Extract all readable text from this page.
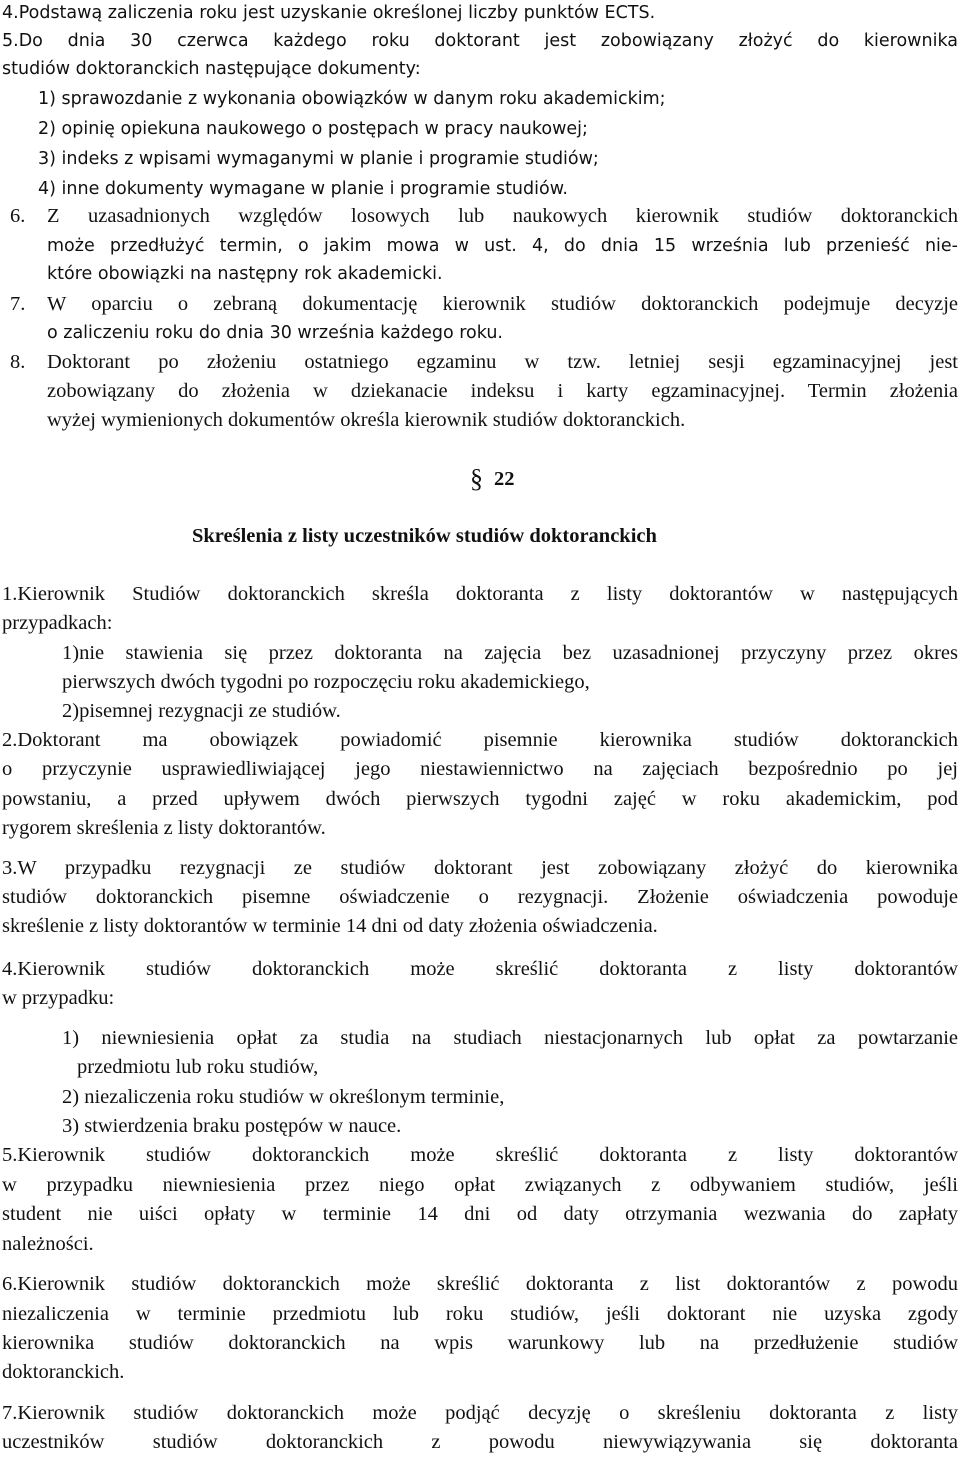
4.Podstawą zaliczenia roku jest uzyskanie określonej liczby punktów ECTS.

5.Do dnia 30 czerwca każdego roku doktorant jest zobowiązany złożyć do kierownika

studiów doktoranckich następujące dokumenty:

1) sprawozdanie z wykonania obowiązków w danym roku akademickim;

2) opinię opiekuna naukowego o postępach w pracy naukowej;

3) indeks z wpisami wymaganymi w planie i programie studiów;

4) inne dokumenty wymagane w planie i programie studiów.

6. Z uzasadnionych względów losowych lub naukowych kierownik studiów doktoranckich

może przedłużyć termin, o jakim mowa w ust. 4, do dnia 15 września lub przenieść nie-

które obowiązki na następny rok akademicki.

7. W oparciu o zebraną dokumentację kierownik studiów doktoranckich podejmuje decyzje

o zaliczeniu roku do dnia 30 września każdego roku.

8. Doktorant po złożeniu ostatniego egzaminu w tzw. letniej sesji egzaminacyjnej jest

zobowiązany do złożenia w dziekanacie indeksu i karty egzaminacyjnej. Termin złożenia

wyżej wymienionych dokumentów określa kierownik studiów doktoranckich.

§ 22

Skreślenia z listy uczestników studiów doktoranckich

1.Kierownik Studiów doktoranckich skreśla doktoranta z listy doktorantów w następujących

przypadkach:

1)nie stawienia się przez doktoranta na zajęcia bez uzasadnionej przyczyny przez okres

pierwszych dwóch tygodni po rozpoczęciu roku akademickiego,

2)pisemnej rezygnacji ze studiów.

2.Doktorant ma obowiązek powiadomić pisemnie kierownika studiów doktoranckich

o przyczynie usprawiedliwiającej jego niestawiennictwo na zajęciach bezpośrednio po jej

powstaniu, a przed upływem dwóch pierwszych tygodni zajęć w roku akademickim, pod

rygorem skreślenia z listy doktorantów.

3.W przypadku rezygnacji ze studiów doktorant jest zobowiązany złożyć do kierownika

studiów doktoranckich pisemne oświadczenie o rezygnacji. Złożenie oświadczenia powoduje

skreślenie z listy doktorantów w terminie 14 dni od daty złożenia oświadczenia.

4.Kierownik studiów doktoranckich może skreślić doktoranta z listy doktorantów

w przypadku:

1) niewniesienia opłat za studia na studiach niestacjonarnych lub opłat za powtarzanie

przedmiotu lub roku studiów,

2) niezaliczenia roku studiów w określonym terminie,

3) stwierdzenia braku postępów w nauce.

5.Kierownik studiów doktoranckich może skreślić doktoranta z listy doktorantów

w przypadku niewniesienia przez niego opłat związanych z odbywaniem studiów, jeśli

student nie uiści opłaty w terminie 14 dni od daty otrzymania wezwania do zapłaty

należności.

6.Kierownik studiów doktoranckich może skreślić doktoranta z list doktorantów z powodu

niezaliczenia w terminie przedmiotu lub roku studiów, jeśli doktorant nie uzyska zgody

kierownika studiów doktoranckich na wpis warunkowy lub na przedłużenie studiów

doktoranckich.

7.Kierownik studiów doktoranckich może podjąć decyzję o skreśleniu doktoranta z listy

uczestników studiów doktoranckich z powodu niewywiązywania się doktoranta
